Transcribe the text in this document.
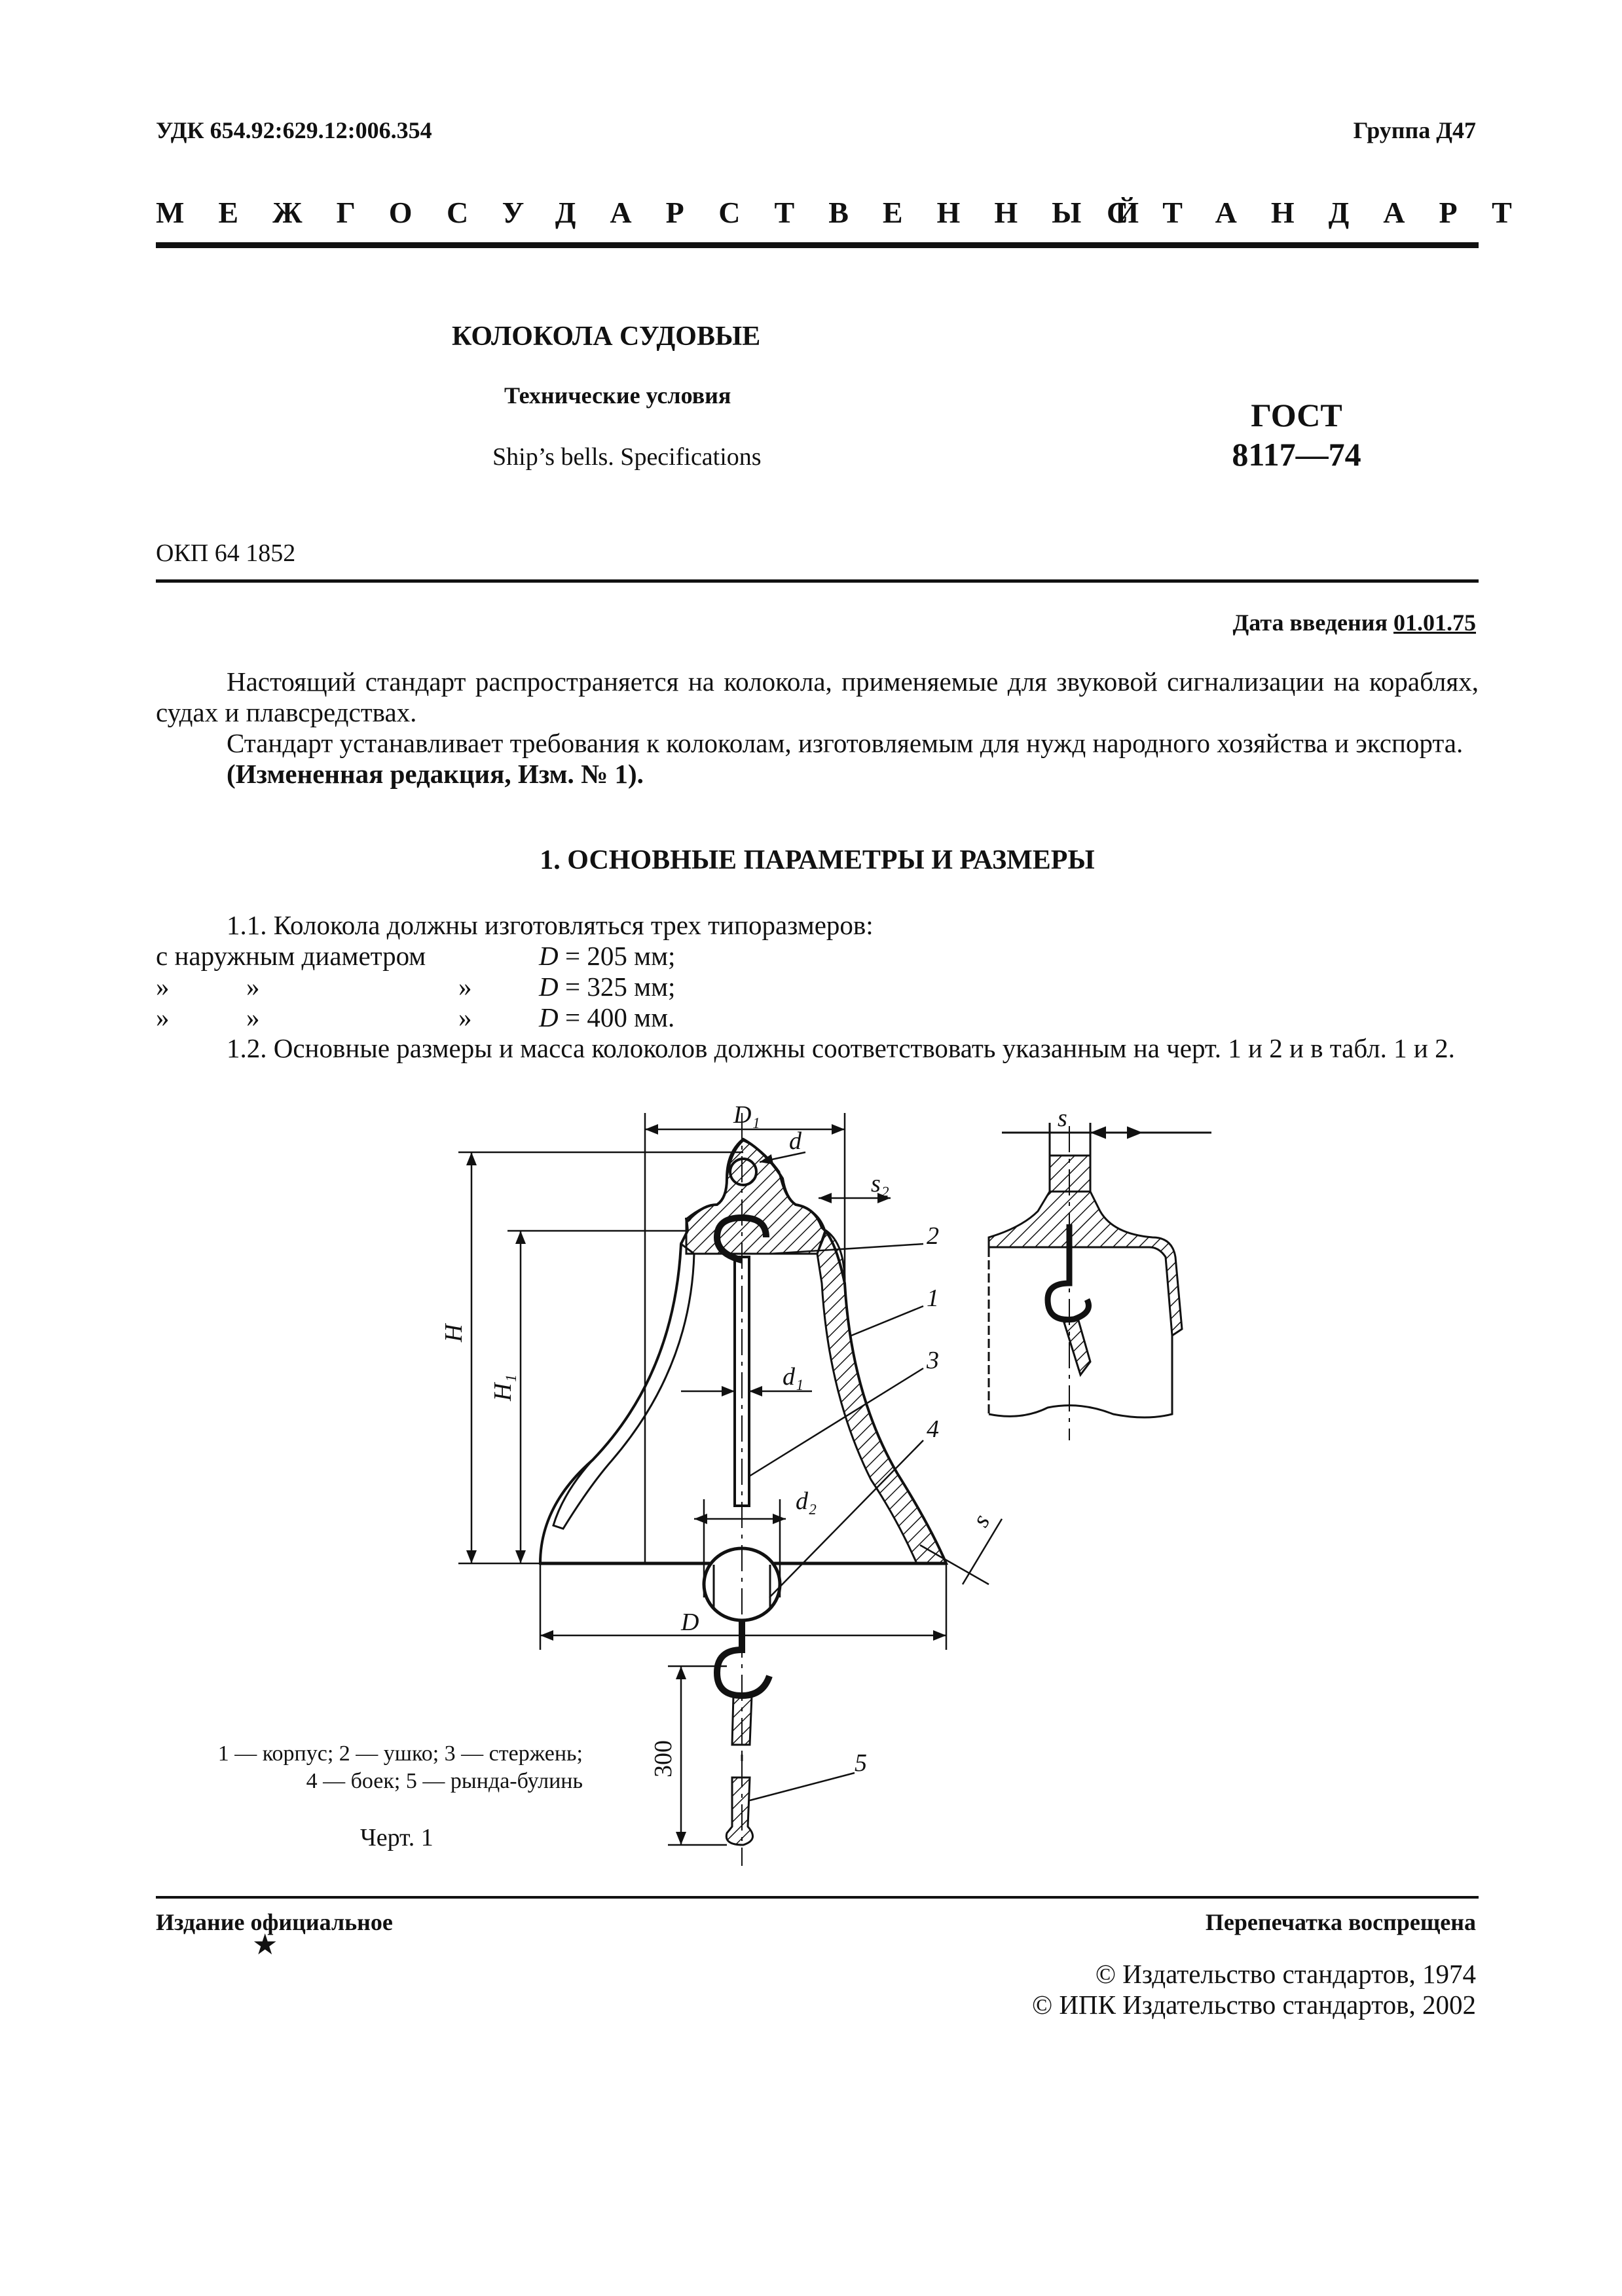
УДК 654.92:629.12:006.354	Группа Д47
МЕЖГОСУДАРСТВЕННЫЙ
СТАНДАРТ
КОЛОКОЛА СУДОВЫЕ
Технические условия
Ship’s bells. Specifications
ГОСТ
8117—74
ОКП 64 1852
Дата введения 01.01.75
Настоящий стандарт распространяется на колокола, применяемые для звуковой сигнализации на кораблях, судах и плавсредствах.
Стандарт устанавливает требования к колоколам, изготовляемым для нужд народного хозяйства и экспорта.
(Измененная редакция, Изм. № 1).
1. ОСНОВНЫЕ ПАРАМЕТРЫ И РАЗМЕРЫ
1.1. Колокола должны изготовляться трех типоразмеров:
с наружным диаметром	D = 205 мм;
»	»	»	D = 325 мм;
»	»	»	D = 400 мм.
1.2. Основные размеры и масса колоколов должны соответствовать указанным на черт. 1 и 2 и в табл. 1 и 2.
D₁
d
s₂
2
1
H
H₁	d₁
3
4
d₂
s
D
300	5
s
1 — корпус; 2 — ушко; 3 — стержень;
4 — боек; 5 — рында-булинь
Черт. 1
Издание официальное
★
Перепечатка воспрещена
© Издательство стандартов, 1974
© ИПК Издательство стандартов, 2002
